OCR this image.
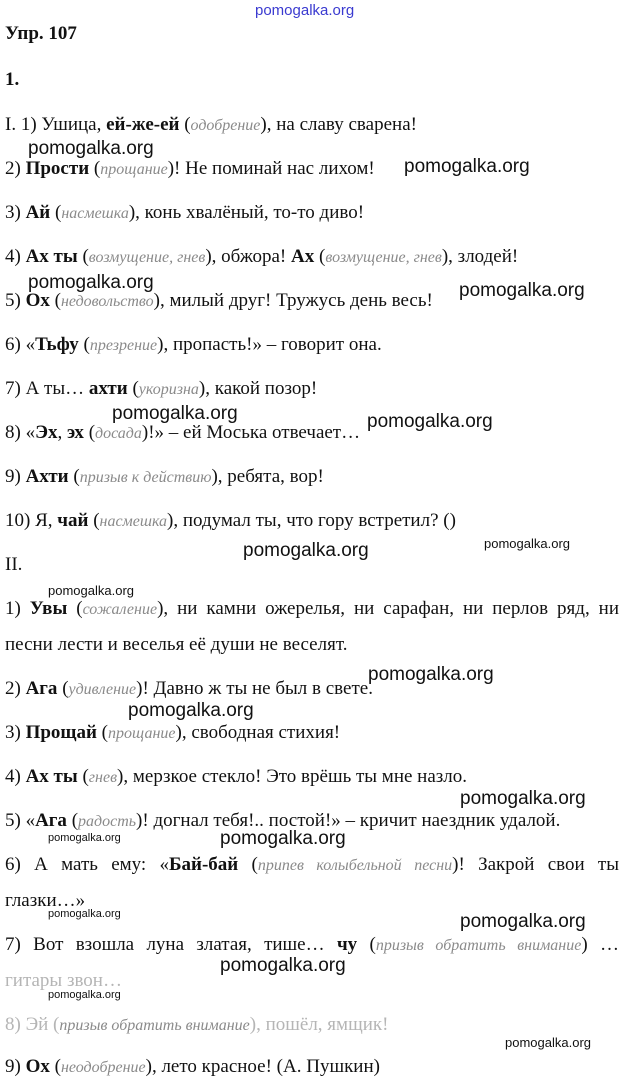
pomogalka.org
Упр. 107
1.
I. 1) Ушица, ей-же-ей (одобрение), на славу сварена!
2) Прости (прощание)! Не поминай нас лихом!
3) Ай (насмешка), конь хвалёный, то-то диво!
4) Ах ты (возмущение, гнев), обжора! Ах (возмущение, гнев), злодей!
5) Ох (недовольство), милый друг! Тружусь день весь!
6) «Тьфу (презрение), пропасть!» – говорит она.
7) А ты… ахти (укоризна), какой позор!
8) «Эх, эх (досада)!» – ей Моська отвечает…
9) Ахти (призыв к действию), ребята, вор!
10) Я, чай (насмешка), подумал ты, что гору встретил? ()
II.
1) Увы (сожаление), ни камни ожерелья, ни сарафан, ни перлов ряд, ни
песни лести и веселья её души не веселят.
2) Ага (удивление)! Давно ж ты не был в свете.
3) Прощай (прощание), свободная стихия!
4) Ах ты (гнев), мерзкое стекло! Это врёшь ты мне назло.
5) «Ага (радость)! догнал тебя!.. постой!» – кричит наездник удалой.
6) А мать ему: «Бай-бай (припев колыбельной песни)! Закрой свои ты
глазки…»
7) Вот взошла луна златая, тише… чу (призыв обратить внимание) …
гитары звон…
8) Эй (призыв обратить внимание), пошёл, ямщик!
9) Ох (неодобрение), лето красное! (А. Пушкин)
pomogalka.org
pomogalka.org
pomogalka.org	pomogalka.org
pomogalka.org	pomogalka.org
pomogalka.org
pomogalka.org
pomogalka.org
pomogalka.org
pomogalka.org
pomogalka.org
pomogalka.org	pomogalka.org
pomogalka.org	pomogalka.org
pomogalka.org
pomogalka.org
pomogalka.org
